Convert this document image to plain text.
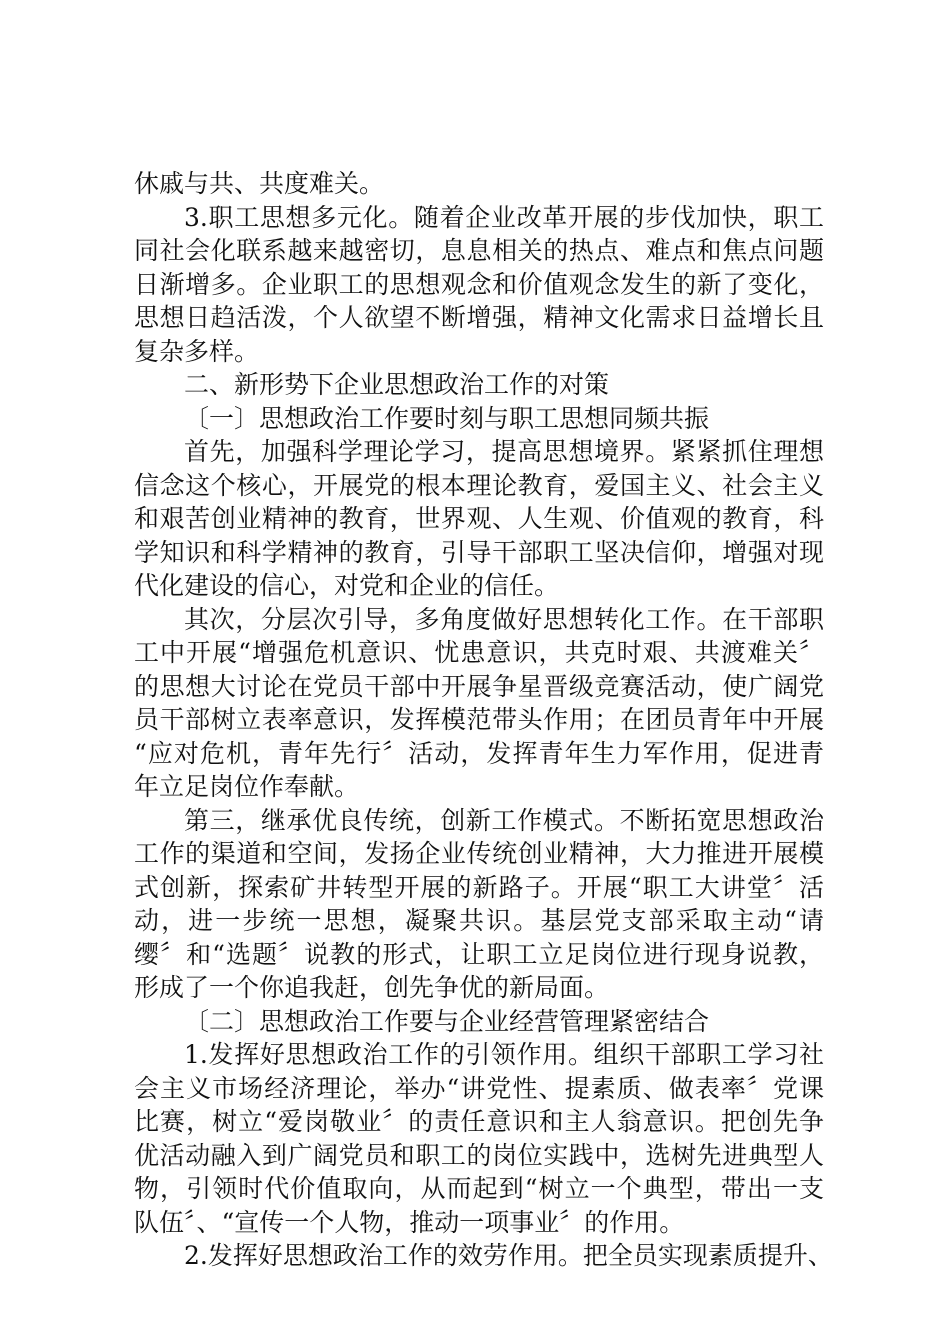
休戚与共、共度难关。
3.职工思想多元化。随着企业改革开展的步伐加快，职工
同社会化联系越来越密切，息息相关的热点、难点和焦点问题
日渐增多。企业职工的思想观念和价值观念发生的新了变化，
思想日趋活泼，个人欲望不断增强，精神文化需求日益增长且
复杂多样。
二、新形势下企业思想政治工作的对策
〔一〕思想政治工作要时刻与职工思想同频共振
首先，加强科学理论学习，提高思想境界。紧紧抓住理想
信念这个核心，开展党的根本理论教育，爱国主义、社会主义
和艰苦创业精神的教育，世界观、人生观、价值观的教育，科
学知识和科学精神的教育，引导干部职工坚决信仰，增强对现
代化建设的信心，对党和企业的信任。
其次，分层次引导，多角度做好思想转化工作。在干部职
工中开展“增强危机意识、忧患意识，共克时艰、共渡难关〞
的思想大讨论在党员干部中开展争星晋级竞赛活动，使广阔党
员干部树立表率意识，发挥模范带头作用；在团员青年中开展
“应对危机，青年先行〞活动，发挥青年生力军作用，促进青
年立足岗位作奉献。
第三，继承优良传统，创新工作模式。不断拓宽思想政治
工作的渠道和空间，发扬企业传统创业精神，大力推进开展模
式创新，探索矿井转型开展的新路子。开展“职工大讲堂〞活
动，进一步统一思想，凝聚共识。基层党支部采取主动“请
缨〞和“选题〞说教的形式，让职工立足岗位进行现身说教，
形成了一个你追我赶，创先争优的新局面。
〔二〕思想政治工作要与企业经营管理紧密结合
1.发挥好思想政治工作的引领作用。组织干部职工学习社
会主义市场经济理论，举办“讲党性、提素质、做表率〞党课
比赛，树立“爱岗敬业〞的责任意识和主人翁意识。把创先争
优活动融入到广阔党员和职工的岗位实践中，选树先进典型人
物，引领时代价值取向，从而起到“树立一个典型，带出一支
队伍〞、“宣传一个人物，推动一项事业〞的作用。
2.发挥好思想政治工作的效劳作用。把全员实现素质提升、
